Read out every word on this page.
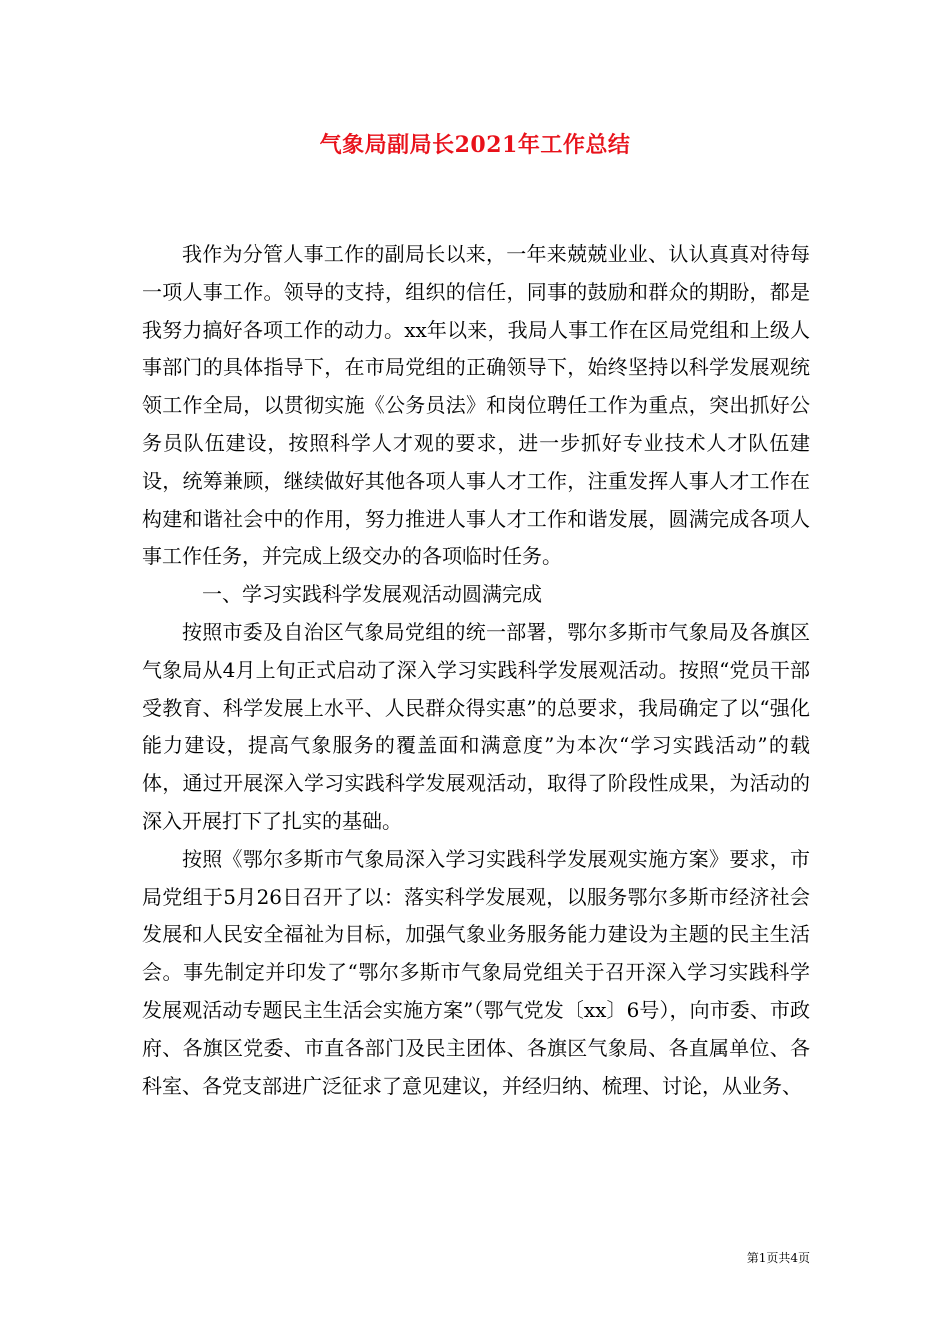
气象局副局长2021年工作总结

我作为分管人事工作的副局长以来，一年来兢兢业业、认认真真对待每一项人事工作。领导的支持，组织的信任，同事的鼓励和群众的期盼，都是我努力搞好各项工作的动力。xx年以来，我局人事工作在区局党组和上级人事部门的具体指导下，在市局党组的正确领导下，始终坚持以科学发展观统领工作全局，以贯彻实施《公务员法》和岗位聘任工作为重点，突出抓好公务员队伍建设，按照科学人才观的要求，进一步抓好专业技术人才队伍建设，统筹兼顾，继续做好其他各项人事人才工作，注重发挥人事人才工作在构建和谐社会中的作用，努力推进人事人才工作和谐发展，圆满完成各项人事工作任务，并完成上级交办的各项临时任务。

一、学习实践科学发展观活动圆满完成

按照市委及自治区气象局党组的统一部署，鄂尔多斯市气象局及各旗区气象局从4月上旬正式启动了深入学习实践科学发展观活动。按照“党员干部受教育、科学发展上水平、人民群众得实惠”的总要求，我局确定了以“强化能力建设，提高气象服务的覆盖面和满意度”为本次“学习实践活动”的载体，通过开展深入学习实践科学发展观活动，取得了阶段性成果，为活动的深入开展打下了扎实的基础。

按照《鄂尔多斯市气象局深入学习实践科学发展观实施方案》要求，市局党组于5月26日召开了以：落实科学发展观，以服务鄂尔多斯市经济社会发展和人民安全福祉为目标，加强气象业务服务能力建设为主题的民主生活会。事先制定并印发了“鄂尔多斯市气象局党组关于召开深入学习实践科学发展观活动专题民主生活会实施方案”（鄂气党发〔xx〕6号），向市委、市政府、各旗区党委、市直各部门及民主团体、各旗区气象局、各直属单位、各科室、各党支部进广泛征求了意见建议，并经归纳、梳理、讨论，从业务、

第1页共4页
